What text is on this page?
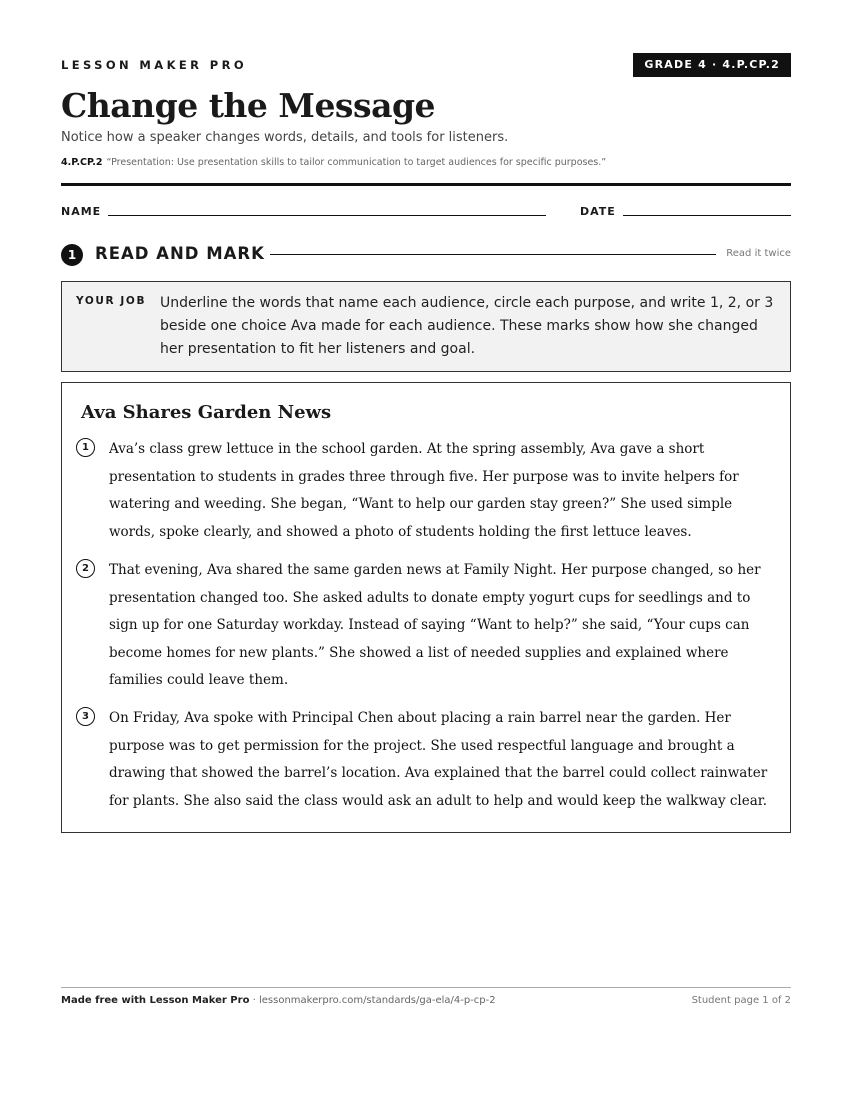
LESSON MAKER PRO	GRADE 4 · 4.P.CP.2
Change the Message
Notice how a speaker changes words, details, and tools for listeners.
4.P.CP.2 “Presentation: Use presentation skills to tailor communication to target audiences for specific purposes.”
NAME	DATE
1	READ AND MARK	Read it twice
YOUR JOB Underline the words that name each audience, circle each purpose, and write 1, 2, or 3 beside one choice Ava made for each audience. These marks show how she changed her presentation to fit her listeners and goal.
Ava Shares Garden News
1	Ava’s class grew lettuce in the school garden. At the spring assembly, Ava gave a short presentation to students in grades three through five. Her purpose was to invite helpers for watering and weeding. She began, “Want to help our garden stay green?” She used simple words, spoke clearly, and showed a photo of students holding the first lettuce leaves.
2	That evening, Ava shared the same garden news at Family Night. Her purpose changed, so her presentation changed too. She asked adults to donate empty yogurt cups for seedlings and to sign up for one Saturday workday. Instead of saying “Want to help?” she said, “Your cups can become homes for new plants.” She showed a list of needed supplies and explained where families could leave them.
3	On Friday, Ava spoke with Principal Chen about placing a rain barrel near the garden. Her purpose was to get permission for the project. She used respectful language and brought a drawing that showed the barrel’s location. Ava explained that the barrel could collect rainwater for plants. She also said the class would ask an adult to help and would keep the walkway clear.
Made free with Lesson Maker Pro · lessonmakerpro.com/standards/ga-ela/4-p-cp-2	Student page 1 of 2
